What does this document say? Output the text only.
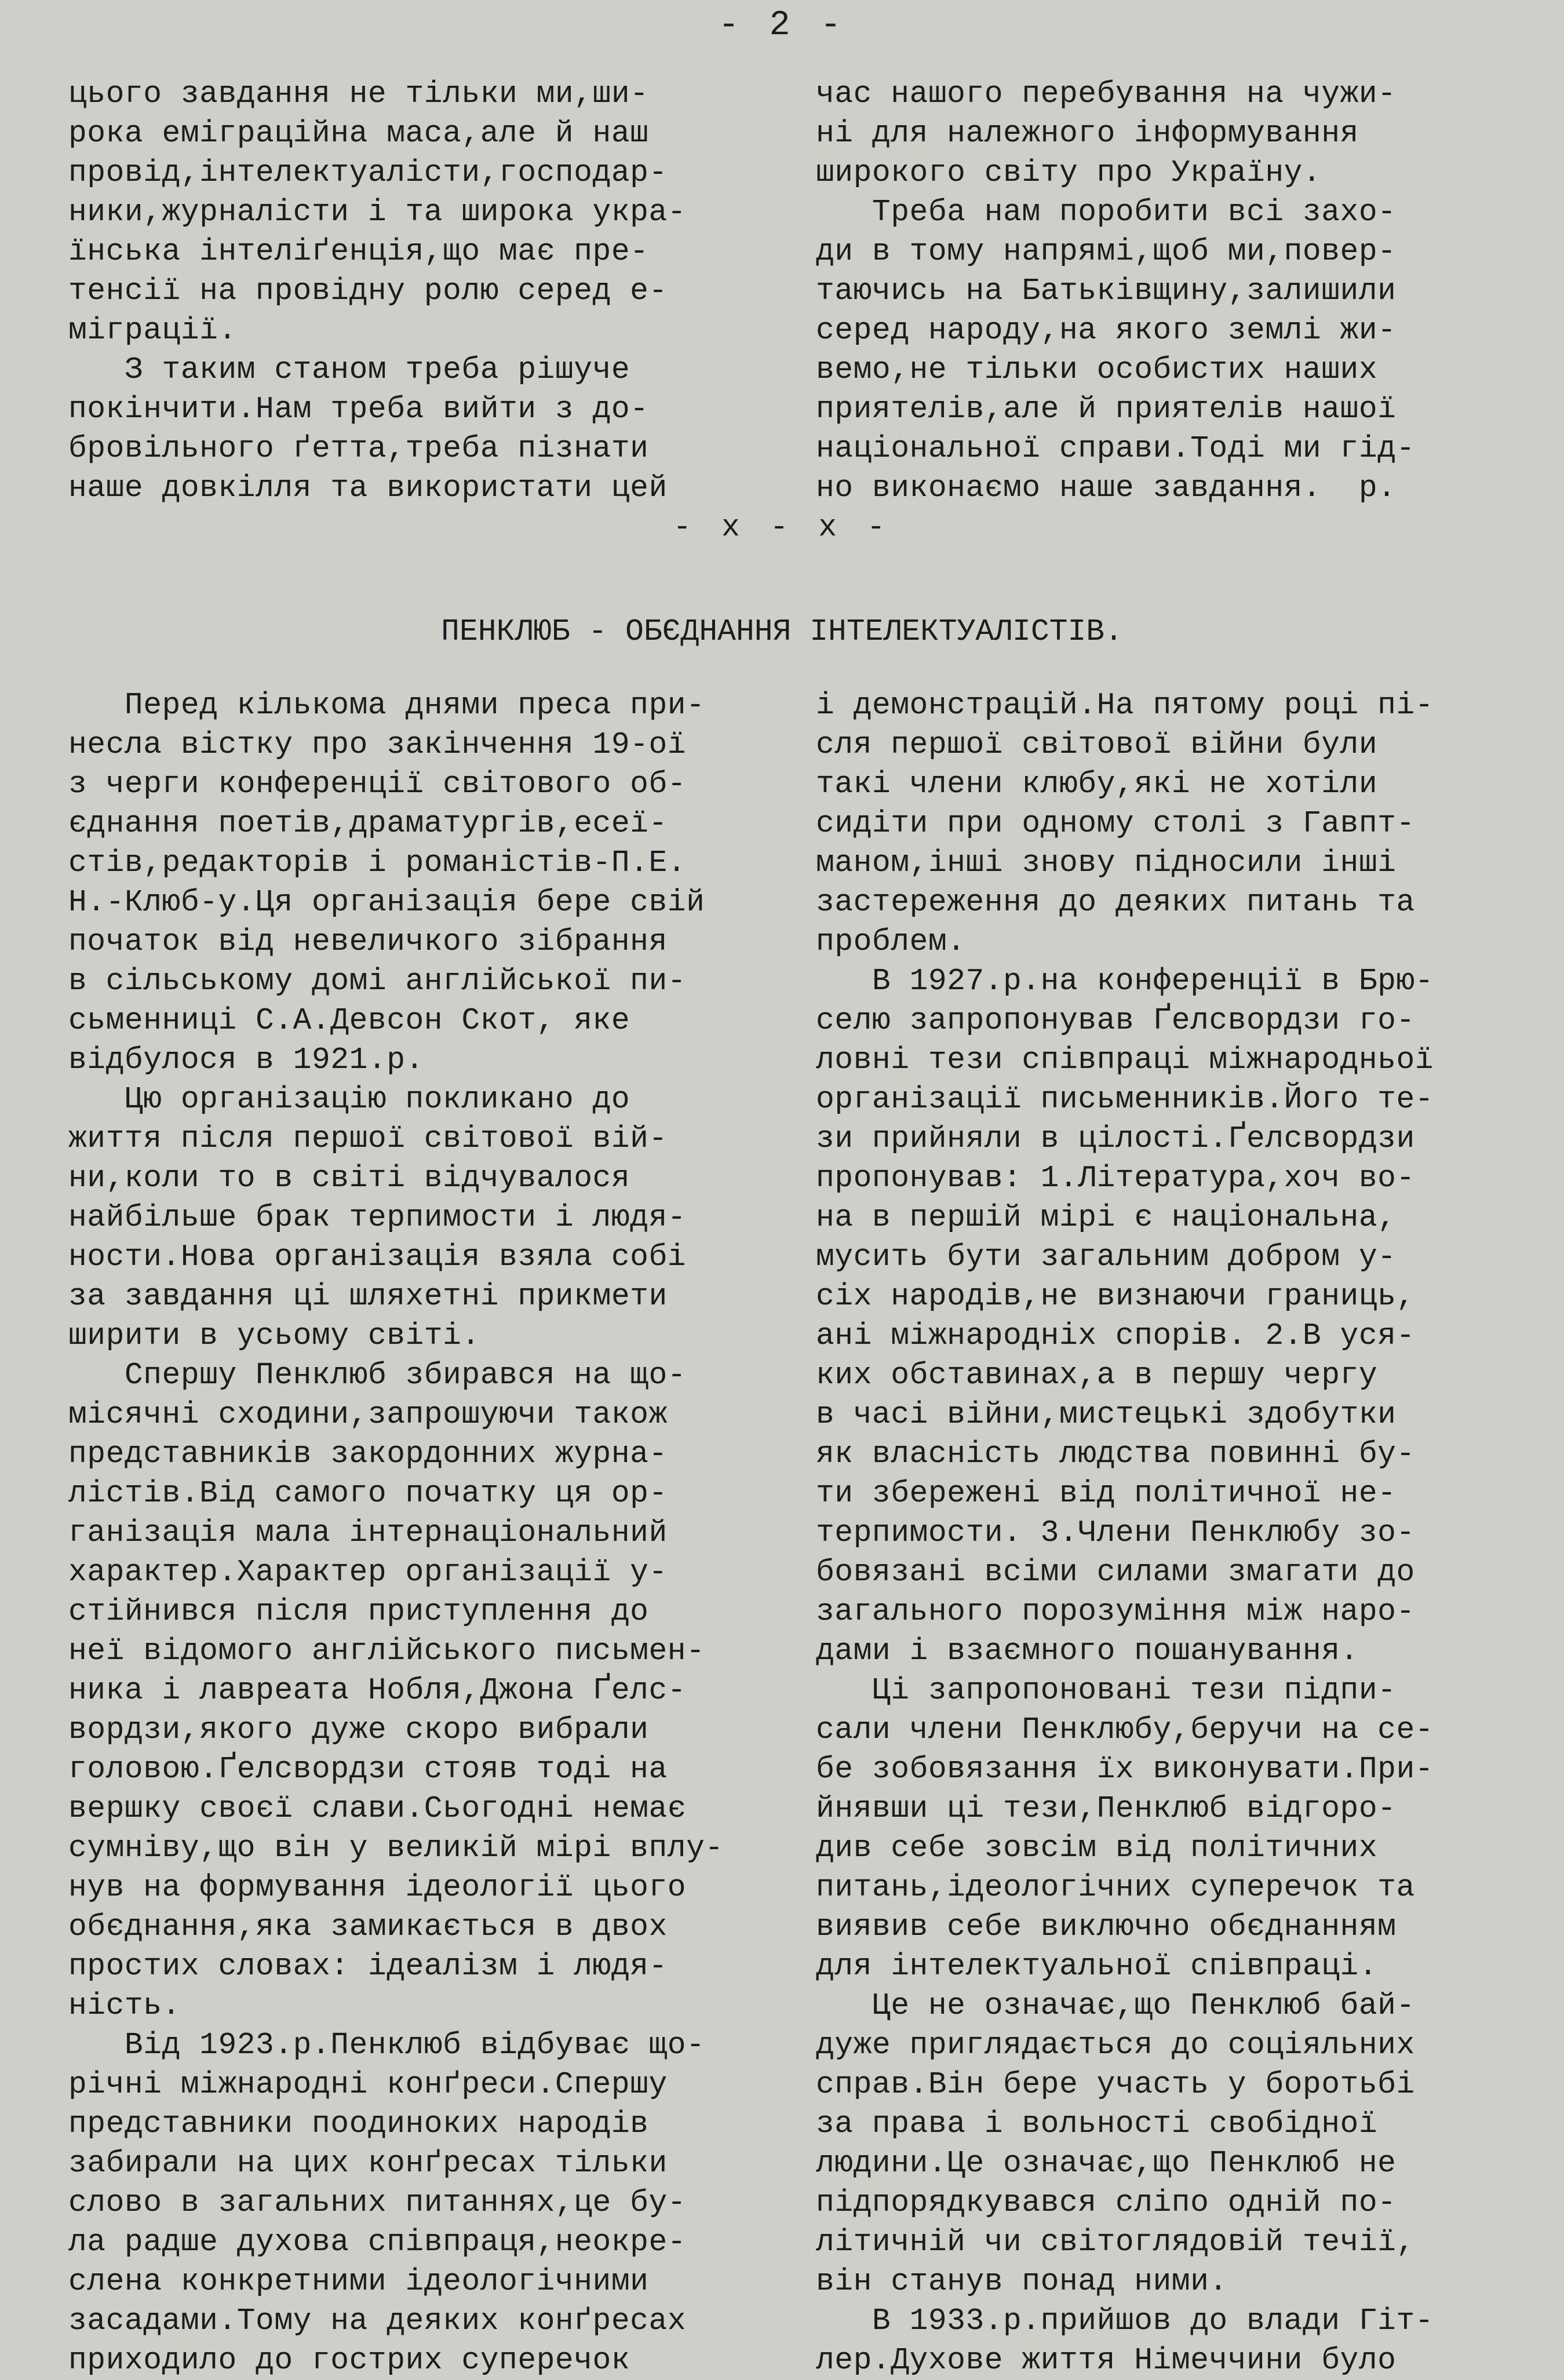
- 2 -
цього завдання не тільки ми,ши-
рока еміграційна маса,але й наш
провід,інтелектуалісти,господар-
ники,журналісти і та широка укра-
їнська інтеліґенція,що має пре-
тенсії на провідну ролю серед е-
міграції.
З таким станом треба рішуче
покінчити.Нам треба вийти з до-
бровільного ґетта,треба пізнати
наше довкілля та використати цей
час нашого перебування на чужи-
ні для належного інформування
широкого світу про Україну.
Треба нам поробити всі захо-
ди в тому напрямі,щоб ми,повер-
таючись на Батьківщину,залишили
серед народу,на якого землі жи-
вемо,не тільки особистих наших
приятелів,але й приятелів нашої
національної справи.Тоді ми гід-
но виконаємо наше завдання.  р.
- х - х -
ПЕНКЛЮБ - ОБЄДНАННЯ ІНТЕЛЕКТУАЛІСТІВ.
Перед кількома днями преса при-
несла вістку про закінчення 19-ої
з черги конференції світового об-
єднання поетів,драматургів,есеї-
стів,редакторів і романістів-П.Е.
Н.-Клюб-у.Ця організація бере свій
початок від невеличкого зібрання
в сільському домі англійської пи-
сьменниці С.А.Девсон Скот, яке
відбулося в 1921.р.
Цю організацію покликано до
життя після першої світової вій-
ни,коли то в світі відчувалося
найбільше брак терпимости і людя-
ности.Нова організація взяла собі
за завдання ці шляхетні прикмети
ширити в усьому світі.
Спершу Пенклюб збирався на що-
місячні сходини,запрошуючи також
представників закордонних журна-
лістів.Від самого початку ця ор-
ганізація мала інтернаціональний
характер.Характер організації у-
стійнився після приступлення до
неї відомого англійського письмен-
ника і лавреата Нобля,Джона Ґелс-
вордзи,якого дуже скоро вибрали
головою.Ґелсвордзи стояв тоді на
вершку своєї слави.Сьогодні немає
сумніву,що він у великій мірі вплу-
нув на формування ідеології цього
обєднання,яка замикається в двох
простих словах: ідеалізм і людя-
ність.
Від 1923.р.Пенклюб відбуває що-
річні міжнародні конґреси.Спершу
представники поодиноких народів
забирали на цих конґресах тільки
слово в загальних питаннях,це бу-
ла радше духова співпраця,неокре-
слена конкретними ідеологічними
засадами.Тому на деяких конґресах
приходило до гострих суперечок
і демонстрацій.На пятому році пі-
сля першої світової війни були
такі члени клюбу,які не хотіли
сидіти при одному столі з Гавпт-
маном,інші знову підносили інші
застереження до деяких питань та
проблем.
В 1927.р.на конференції в Брю-
селю запропонував Ґелсвордзи го-
ловні тези співпраці міжнародньої
організації письменників.Його те-
зи прийняли в цілості.Ґелсвордзи
пропонував: 1.Література,хоч во-
на в першій мірі є національна,
мусить бути загальним добром у-
сіх народів,не визнаючи границь,
ані міжнародніх спорів. 2.В уся-
ких обставинах,а в першу чергу
в часі війни,мистецькі здобутки
як власність людства повинні бу-
ти збережені від політичної не-
терпимости. 3.Члени Пенклюбу зо-
бовязані всіми силами змагати до
загального порозуміння між наро-
дами і взаємного пошанування.
Ці запропоновані тези підпи-
сали члени Пенклюбу,беручи на се-
бе зобовязання їх виконувати.При-
йнявши ці тези,Пенклюб відгоро-
див себе зовсім від політичних
питань,ідеологічних суперечок та
виявив себе виключно обєднанням
для інтелектуальної співпраці.
Це не означає,що Пенклюб бай-
дуже приглядається до соціяльних
справ.Він бере участь у боротьбі
за права і вольності свобідної
людини.Це означає,що Пенклюб не
підпорядкувався сліпо одній по-
літичній чи світоглядовій течії,
він станув понад ними.
В 1933.р.прийшов до влади Гіт-
лер.Духове життя Німеччини було
